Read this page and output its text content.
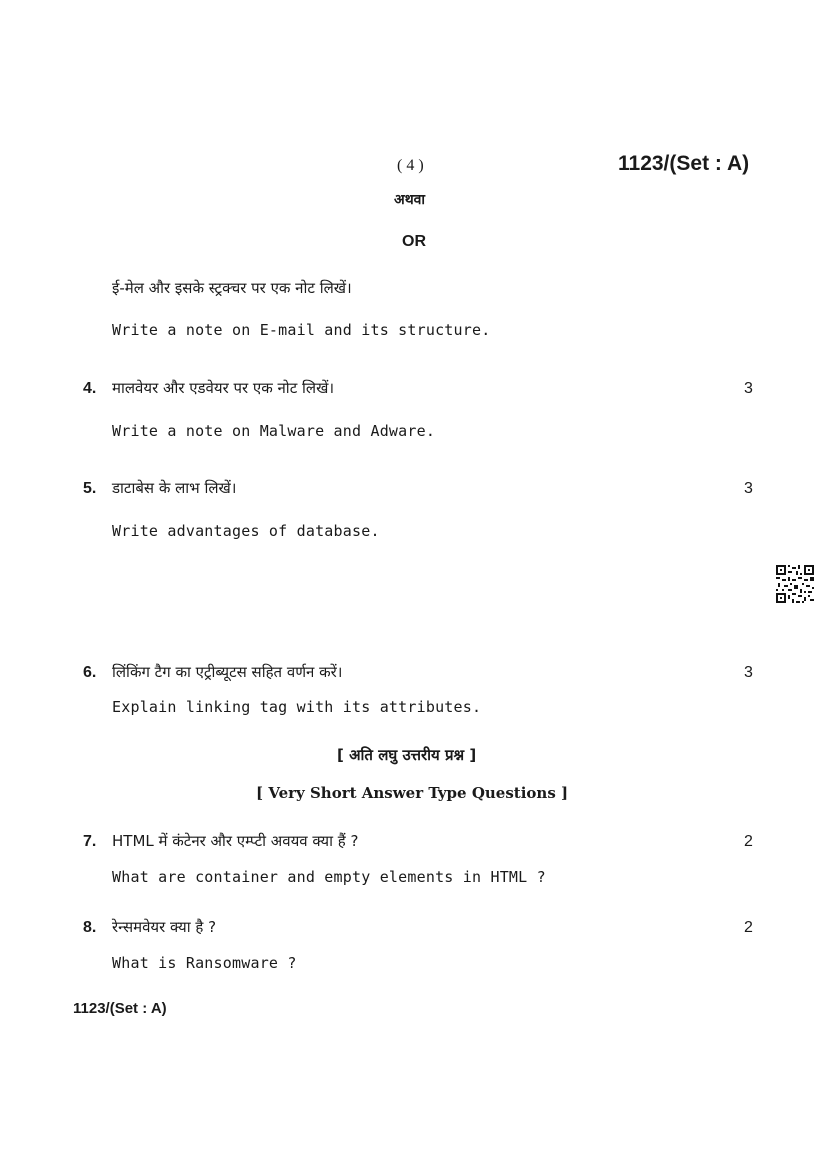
( 4 )	1123/(Set : A)
अथवा
OR
ई-मेल और इसके स्ट्रक्चर पर एक नोट लिखें।
Write a note on E-mail and its structure.
4. मालवेयर और एडवेयर पर एक नोट लिखें।	3
Write a note on Malware and Adware.
5. डाटाबेस के लाभ लिखें।	3
Write advantages of database.
6. लिंकिंग टैग का एट्रीब्यूटस सहित वर्णन करें।	3
Explain linking tag with its attributes.
[ अति लघु उत्तरीय प्रश्न ]
[ Very Short Answer Type Questions ]
7. HTML में कंटेनर और एम्प्टी अवयव क्या हैं ?	2
What are container and empty elements in HTML ?
8. रेन्समवेयर क्या है ?	2
What is Ransomware ?
1123/(Set : A)
